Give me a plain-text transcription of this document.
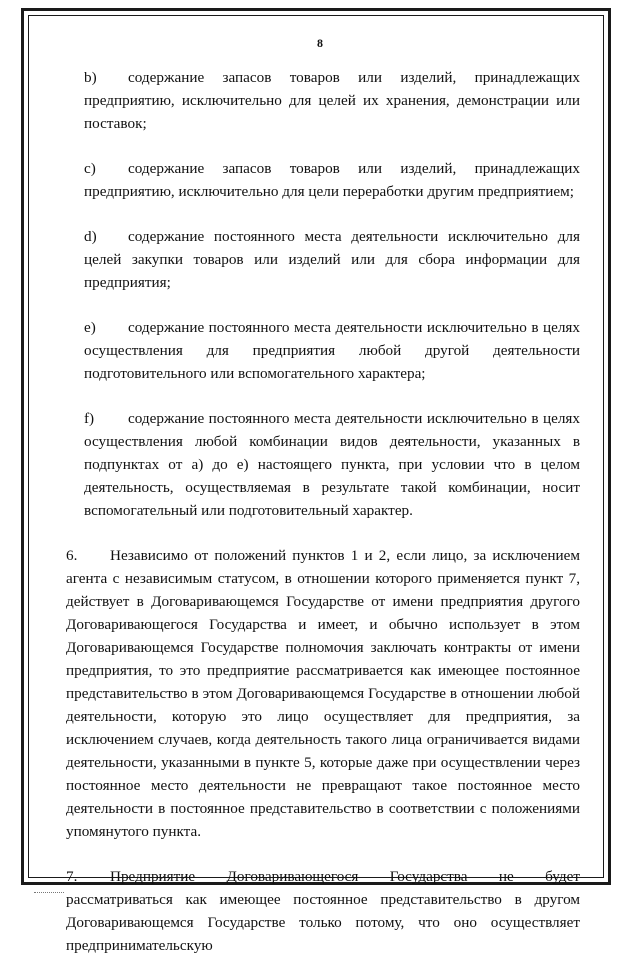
8

b) содержание запасов товаров или изделий, принадлежащих предприятию, исключительно для целей их хранения, демонстрации или поставок;

c) содержание запасов товаров или изделий, принадлежащих предприятию, исключительно для цели переработки другим предприятием;

d) содержание постоянного места деятельности исключительно для целей закупки товаров или изделий или для сбора информации для предприятия;

e) содержание постоянного места деятельности исключительно в целях осуществления для предприятия любой другой деятельности подготовительного или вспомогательного характера;

f) содержание постоянного места деятельности исключительно в целях осуществления любой комбинации видов деятельности, указанных в подпунктах от a) до e) настоящего пункта, при условии что в целом деятельность, осуществляемая в результате такой комбинации, носит вспомогательный или подготовительный характер.

6. Независимо от положений пунктов 1 и 2, если лицо, за исключением агента с независимым статусом, в отношении которого применяется пункт 7, действует в Договаривающемся Государстве от имени предприятия другого Договаривающегося Государства и имеет, и обычно использует в этом Договаривающемся Государстве полномочия заключать контракты от имени предприятия, то это предприятие рассматривается как имеющее постоянное представительство в этом Договаривающемся Государстве в отношении любой деятельности, которую это лицо осуществляет для предприятия, за исключением случаев, когда деятельность такого лица ограничивается видами деятельности, указанными в пункте 5, которые даже при осуществлении через постоянное место деятельности не превращают такое постоянное место деятельности в постоянное представительство в соответствии с положениями упомянутого пункта.

7. Предприятие Договаривающегося Государства не будет рассматриваться как имеющее постоянное представительство в другом Договаривающемся Государстве только потому, что оно осуществляет предпринимательскую
